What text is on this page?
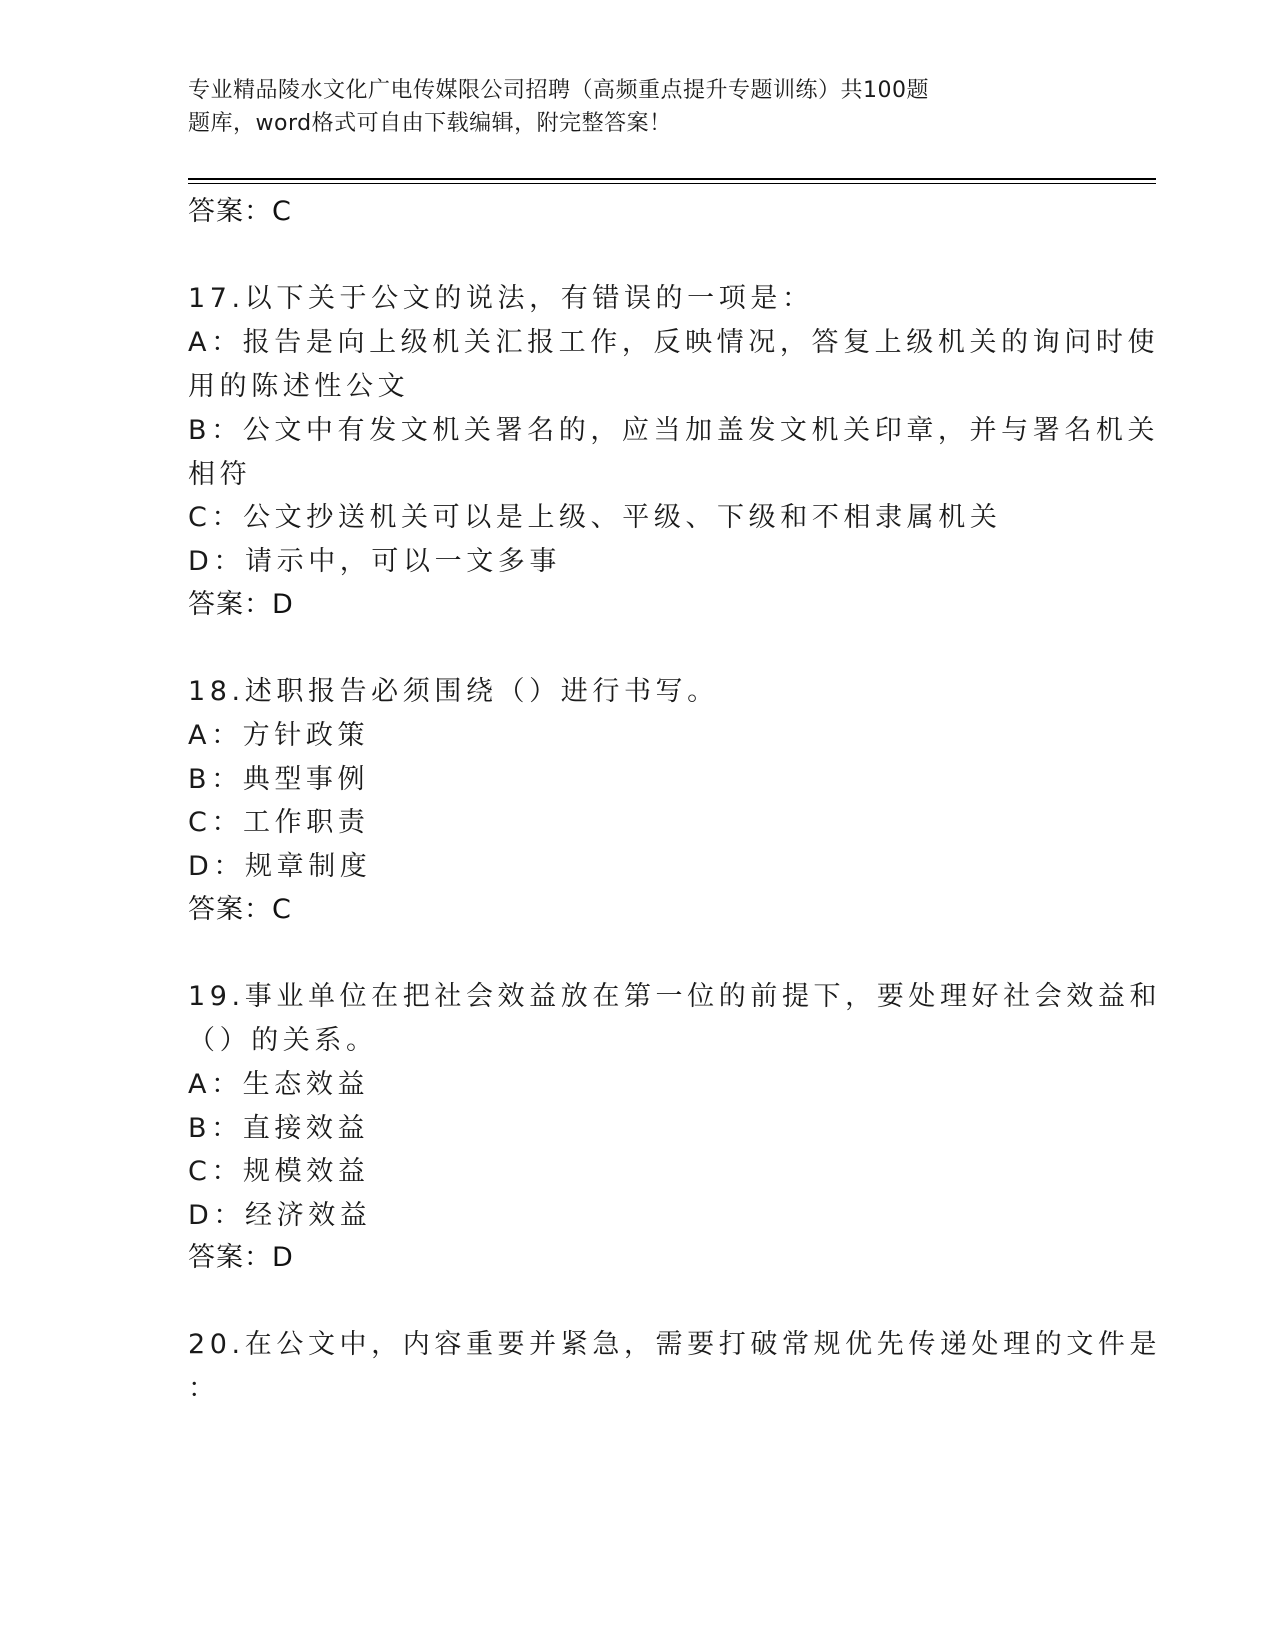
专业精品陵水文化广电传媒限公司招聘（高频重点提升专题训练）共100题
题库，word格式可自由下载编辑，附完整答案！
答案：C
17.以下关于公文的说法，有错误的一项是：
A：报告是向上级机关汇报工作，反映情况，答复上级机关的询问时使
用的陈述性公文
B：公文中有发文机关署名的，应当加盖发文机关印章，并与署名机关
相符
C：公文抄送机关可以是上级、平级、下级和不相隶属机关
D：请示中，可以一文多事
答案：D
18.述职报告必须围绕（）进行书写。
A：方针政策
B：典型事例
C：工作职责
D：规章制度
答案：C
19.事业单位在把社会效益放在第一位的前提下，要处理好社会效益和
（）的关系。
A：生态效益
B：直接效益
C：规模效益
D：经济效益
答案：D
20.在公文中，内容重要并紧急，需要打破常规优先传递处理的文件是
：
